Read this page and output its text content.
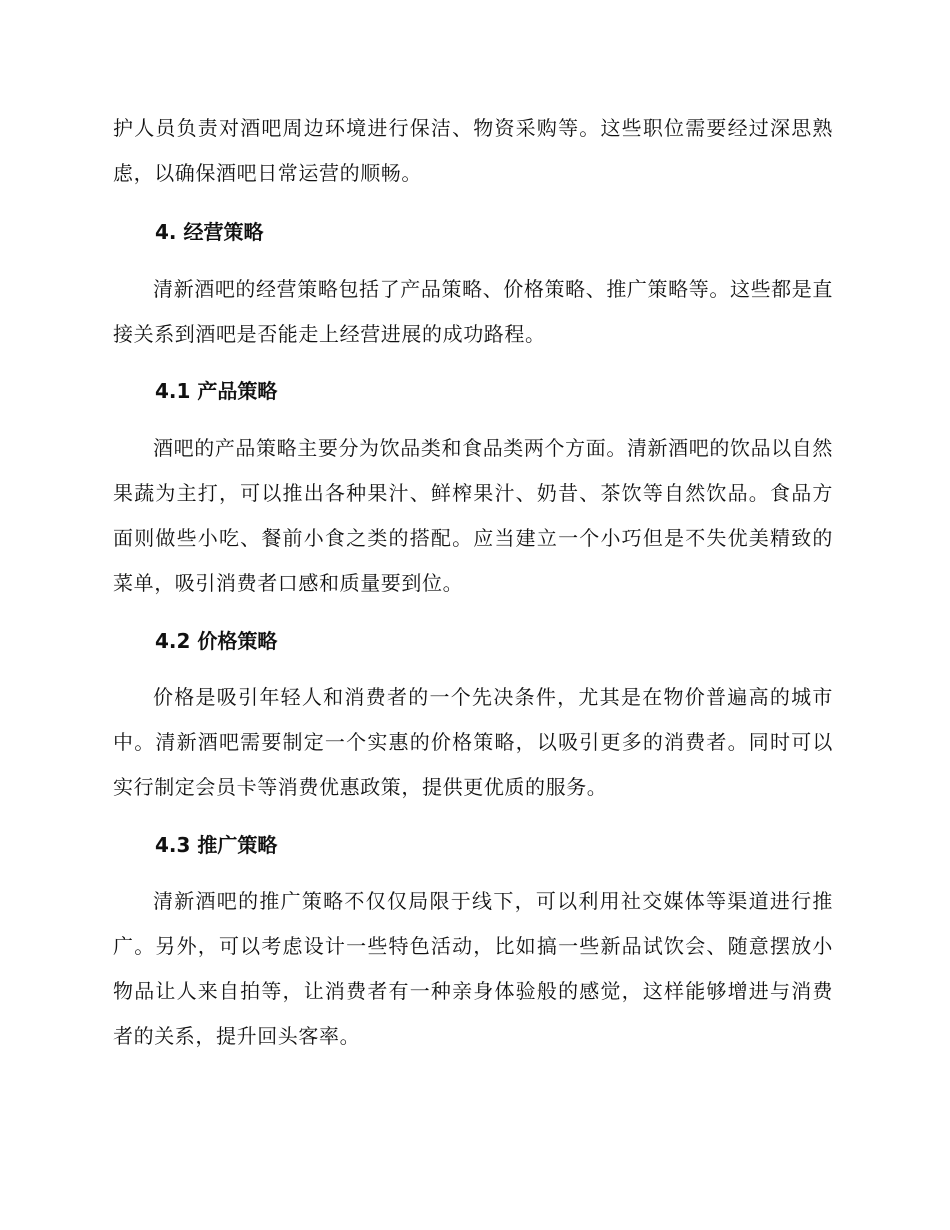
护人员负责对酒吧周边环境进行保洁、物资采购等。这些职位需要经过深思熟虑，以确保酒吧日常运营的顺畅。

4. 经营策略

清新酒吧的经营策略包括了产品策略、价格策略、推广策略等。这些都是直接关系到酒吧是否能走上经营进展的成功路程。

4.1 产品策略

酒吧的产品策略主要分为饮品类和食品类两个方面。清新酒吧的饮品以自然果蔬为主打，可以推出各种果汁、鲜榨果汁、奶昔、茶饮等自然饮品。食品方面则做些小吃、餐前小食之类的搭配。应当建立一个小巧但是不失优美精致的菜单，吸引消费者口感和质量要到位。

4.2 价格策略

价格是吸引年轻人和消费者的一个先决条件，尤其是在物价普遍高的城市中。清新酒吧需要制定一个实惠的价格策略，以吸引更多的消费者。同时可以实行制定会员卡等消费优惠政策，提供更优质的服务。

4.3 推广策略

清新酒吧的推广策略不仅仅局限于线下，可以利用社交媒体等渠道进行推广。另外，可以考虑设计一些特色活动，比如搞一些新品试饮会、随意摆放小物品让人来自拍等，让消费者有一种亲身体验般的感觉，这样能够增进与消费者的关系，提升回头客率。
